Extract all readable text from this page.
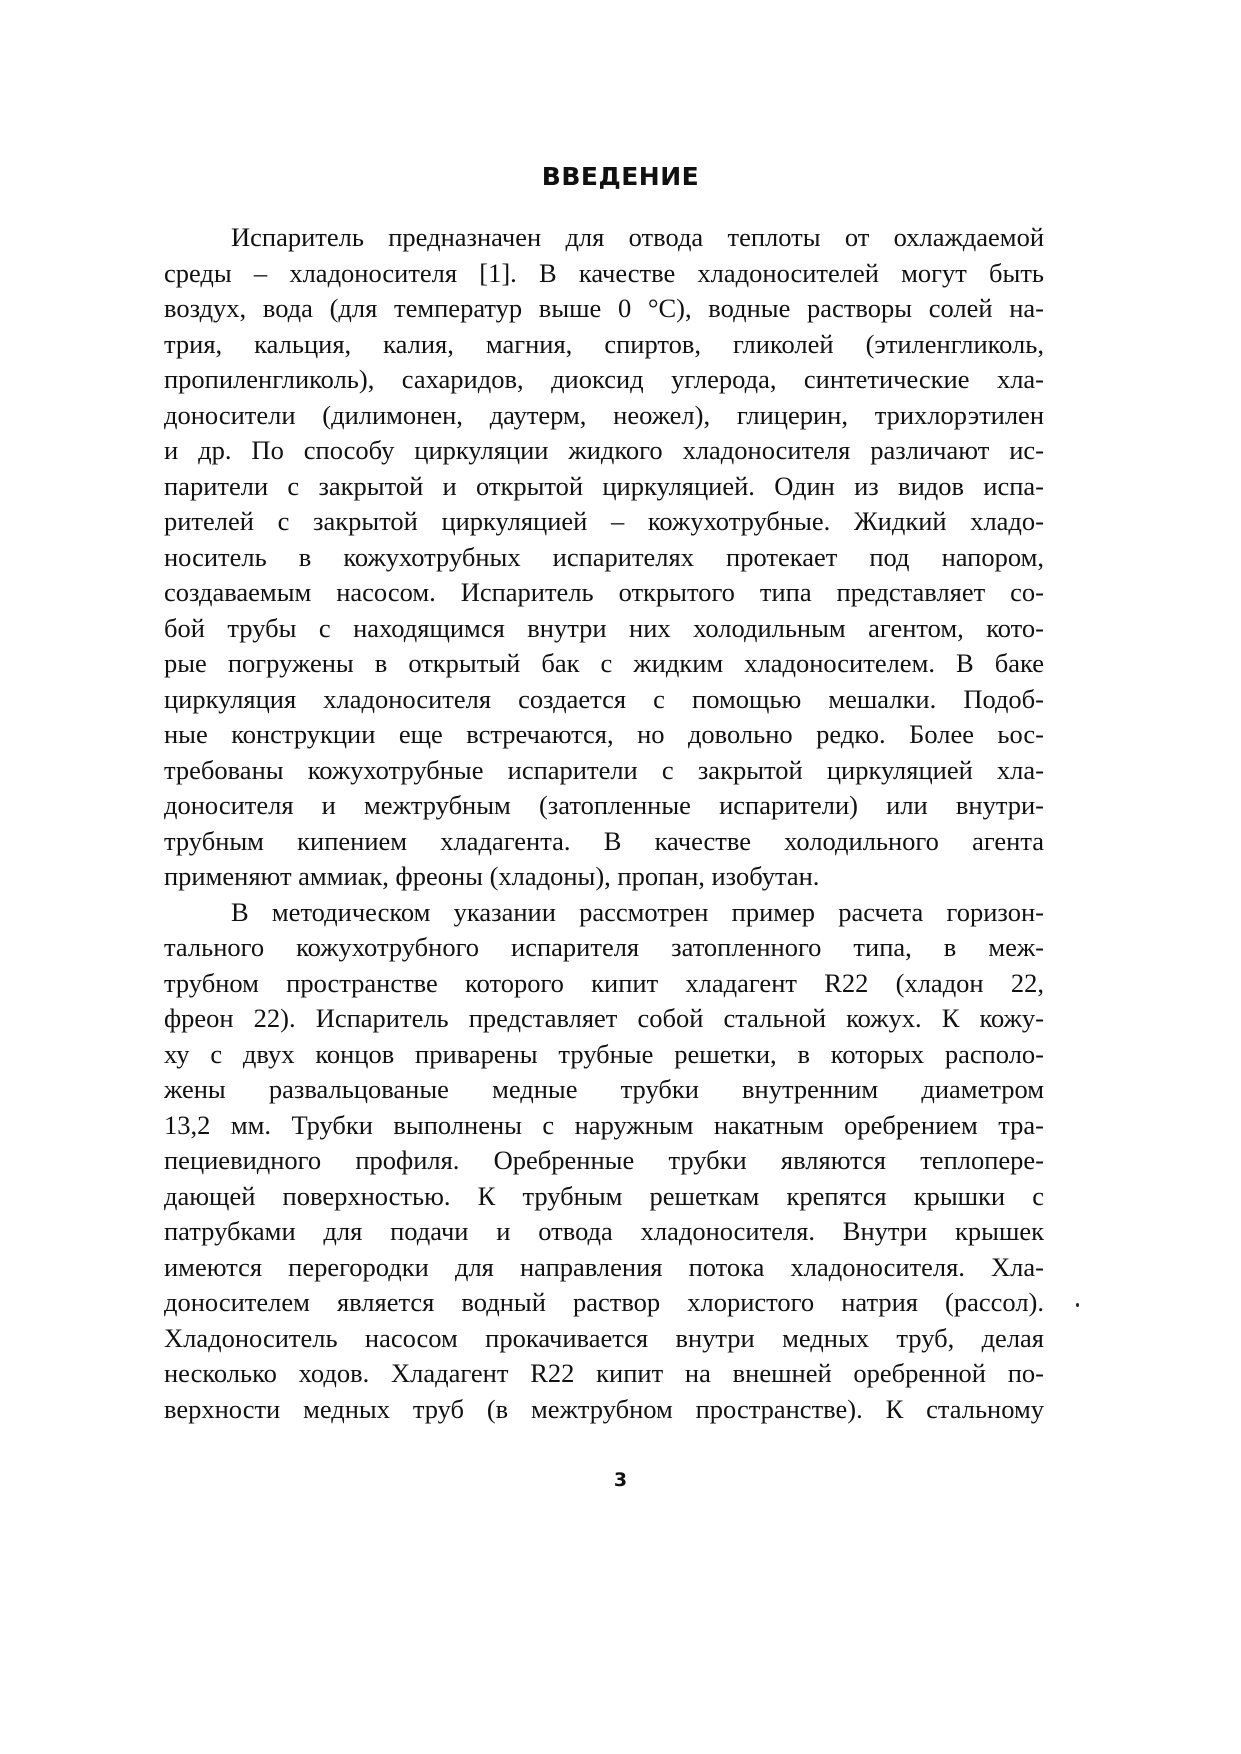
ВВЕДЕНИЕ
Испаритель предназначен для отвода теплоты от охлаждаемой
среды – хладоносителя [1]. В качестве хладоносителей могут быть
воздух, вода (для температур выше 0 °С), водные растворы солей на-
трия, кальция, калия, магния, спиртов, гликолей (этиленгликоль,
пропиленгликоль), сахаридов, диоксид углерода, синтетические хла-
доносители (дилимонен, даутерм, неожел), глицерин, трихлорэтилен
и др. По способу циркуляции жидкого хладоносителя различают ис-
парители с закрытой и открытой циркуляцией. Один из видов испа-
рителей с закрытой циркуляцией – кожухотрубные. Жидкий хладо-
носитель в кожухотрубных испарителях протекает под напором,
создаваемым насосом. Испаритель открытого типа представляет со-
бой трубы с находящимся внутри них холодильным агентом, кото-
рые погружены в открытый бак с жидким хладоносителем. В баке
циркуляция хладоносителя создается с помощью мешалки. Подоб-
ные конструкции еще встречаются, но довольно редко. Более ьос-
требованы кожухотрубные испарители с закрытой циркуляцией хла-
доносителя и межтрубным (затопленные испарители) или внутри-
трубным кипением хладагента. В качестве холодильного агента
применяют аммиак, фреоны (хладоны), пропан, изобутан.
В методическом указании рассмотрен пример расчета горизон-
тального кожухотрубного испарителя затопленного типа, в меж-
трубном пространстве которого кипит хладагент R22 (хладон 22,
фреон 22). Испаритель представляет собой стальной кожух. К кожу-
ху с двух концов приварены трубные решетки, в которых располо-
жены развальцованые медные трубки внутренним диаметром
13,2 мм. Трубки выполнены с наружным накатным оребрением тра-
пециевидного профиля. Оребренные трубки являются теплопере-
дающей поверхностью. К трубным решеткам крепятся крышки с
патрубками для подачи и отвода хладоносителя. Внутри крышек
имеются перегородки для направления потока хладоносителя. Хла-
доносителем является водный раствор хлористого натрия (рассол).
Хладоноситель насосом прокачивается внутри медных труб, делая
несколько ходов. Хладагент R22 кипит на внешней оребренной по-
верхности медных труб (в межтрубном пространстве). К стальному
3
